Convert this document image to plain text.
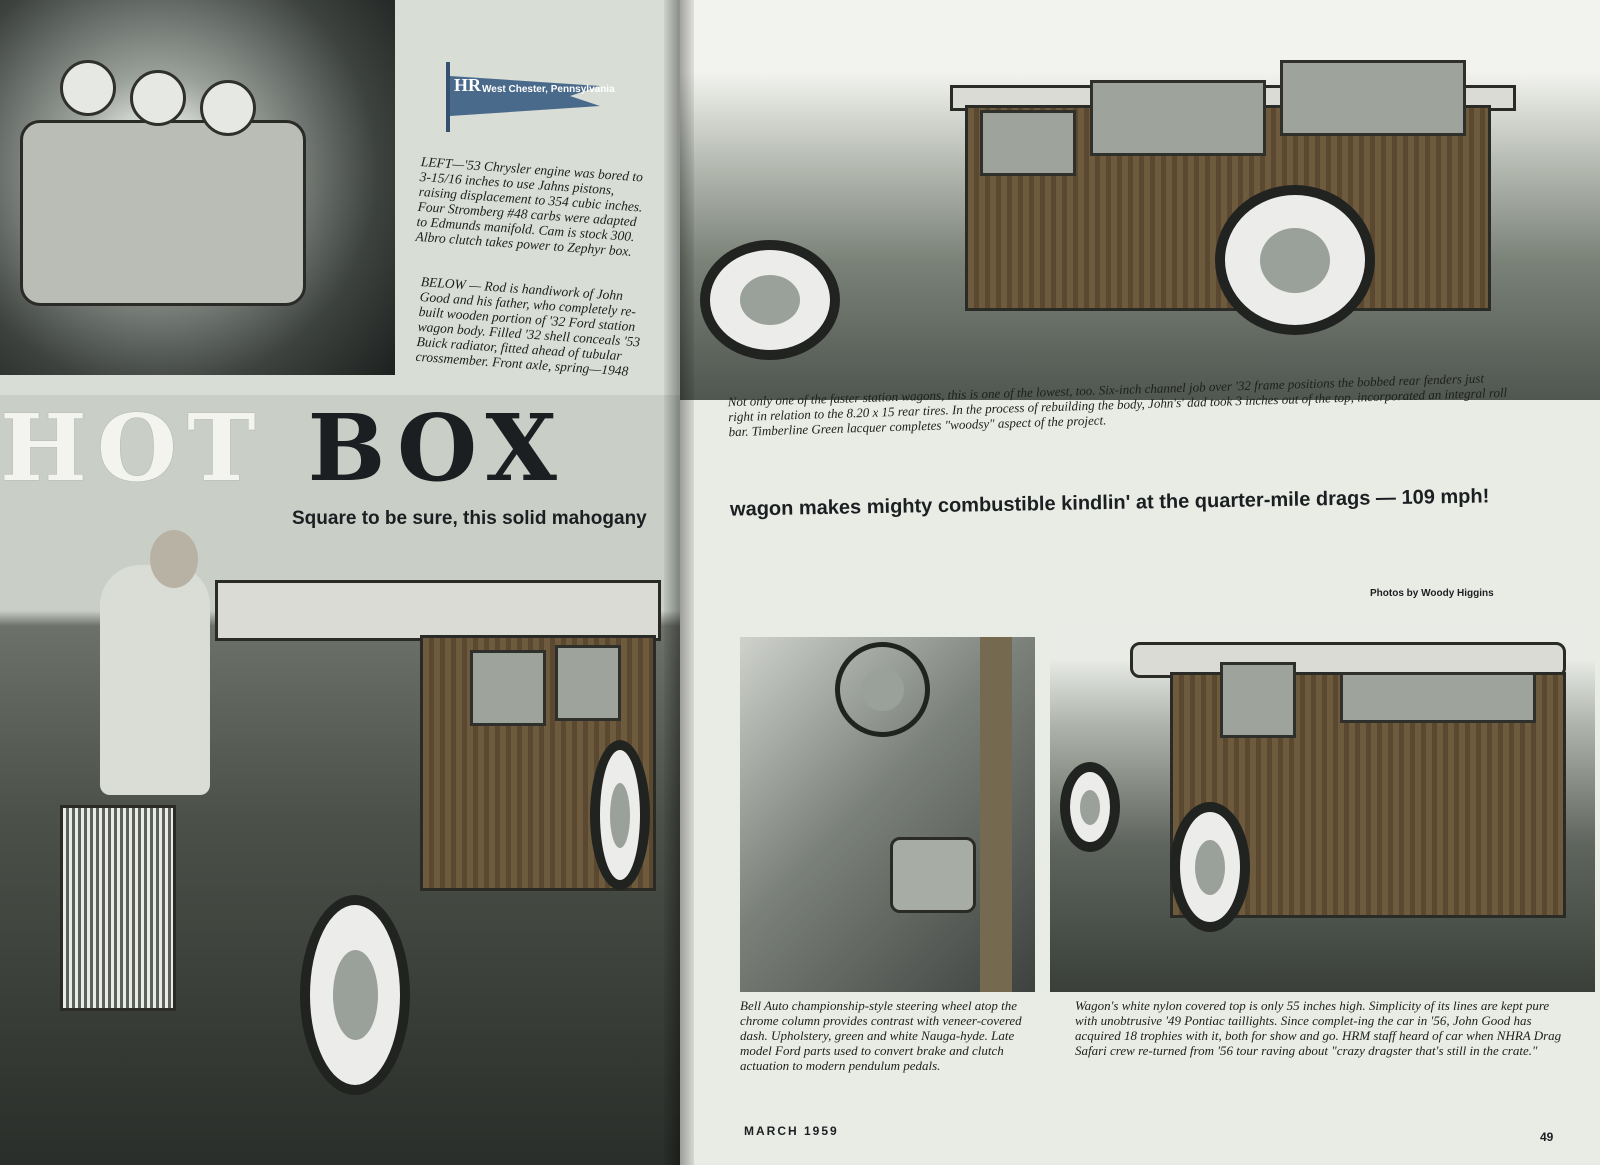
HR West Chester, Pennsylvania
LEFT—'53 Chrysler engine was bored to 3-15/16 inches to use Jahns pistons, raising displacement to 354 cubic inches. Four Stromberg #48 carbs were adapted to Edmunds manifold. Cam is stock 300. Albro clutch takes power to Zephyr box.
BELOW — Rod is handiwork of John Good and his father, who completely re-built wooden portion of '32 Ford station wagon body. Filled '32 shell conceals '53 Buick radiator, fitted ahead of tubular crossmember. Front axle, spring—1948
HOT BOX
Square to be sure, this solid mahogany
Not only one of the faster station wagons, this is one of the lowest, too. Six-inch channel job over '32 frame positions the bobbed rear fenders just right in relation to the 8.20 x 15 rear tires. In the process of rebuilding the body, John's' dad took 3 inches out of the top, incorporated an integral roll bar. Timberline Green lacquer completes "woodsy" aspect of the project.
wagon makes mighty combustible kindlin' at the quarter-mile drags — 109 mph!
Photos by Woody Higgins
Bell Auto championship-style steering wheel atop the chrome column provides contrast with veneer-covered dash. Upholstery, green and white Nauga-hyde. Late model Ford parts used to convert brake and clutch actuation to modern pendulum pedals.
Wagon's white nylon covered top is only 55 inches high. Simplicity of its lines are kept pure with unobtrusive '49 Pontiac taillights. Since complet-ing the car in '56, John Good has acquired 18 trophies with it, both for show and go. HRM staff heard of car when NHRA Drag Safari crew re-turned from '56 tour raving about "crazy dragster that's still in the crate."
MARCH 1959	49
